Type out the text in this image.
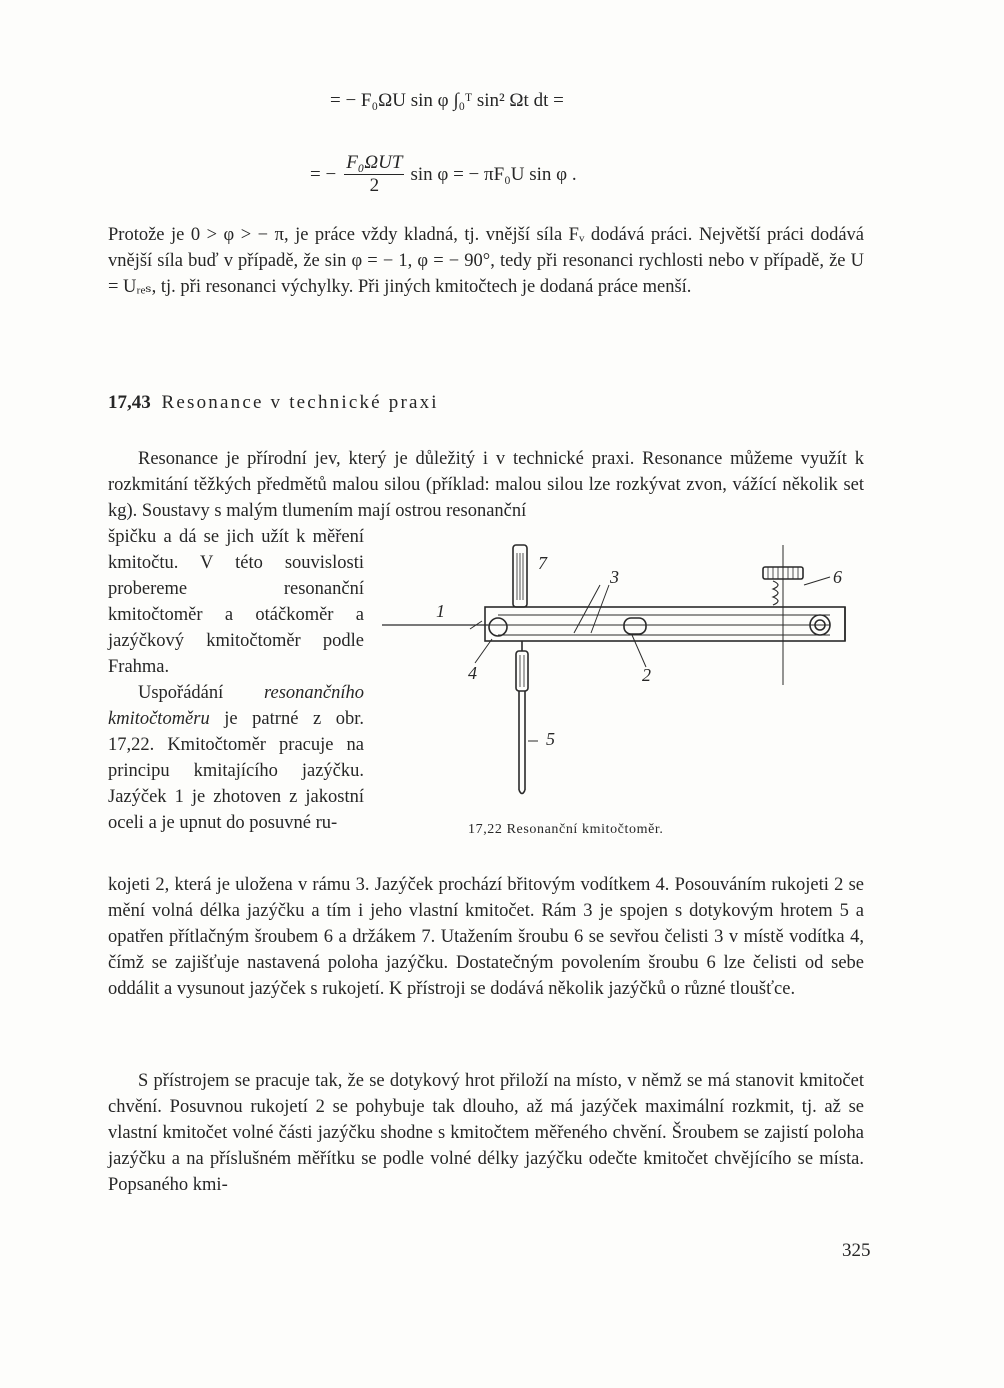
= − F₀ΩU sin φ ∫₀ᵀ sin² Ωt dt =
= −
F₀ΩUT
2
sin φ = − πF₀U sin φ .

Protože je 0 > φ > − π, je práce vždy kladná, tj. vnější síla Fᵥ dodává práci. Největší práci dodává vnější síla buď v případě, že sin φ = − 1, φ = − 90°, tedy při resonanci rychlosti nebo v případě, že U = Uᵣₑₛ, tj. při resonanci výchylky. Při jiných kmitočtech je dodaná práce menší.

17,43 Resonance v technické praxi

Resonance je přírodní jev, který je důležitý i v technické praxi. Resonance můžeme využít k rozkmitání těžkých předmětů malou silou (příklad: malou silou lze rozkývat zvon, vážící několik set kg). Soustavy s malým tlumením mají ostrou resonanční

špičku a dá se jich užít k měření kmitočtu. V této souvislosti probereme resonanční kmitočtoměr a otáčkoměr a jazýčkový kmitočtoměr podle Frahma.

Uspořádání resonančního kmitočtoměru je patrné z obr. 17,22. Kmitočtoměr pracuje na principu kmitajícího jazýčku. Jazýček 1 je zhotoven z jakostní oceli a je upnut do posuvné ru-

7
3	6
1
4	2
5
17,22 Resonanční kmitočtoměr.

kojeti 2, která je uložena v rámu 3. Jazýček prochází břitovým vodítkem 4. Posouváním rukojeti 2 se mění volná délka jazýčku a tím i jeho vlastní kmitočet. Rám 3 je spojen s dotykovým hrotem 5 a opatřen přítlačným šroubem 6 a držákem 7. Utažením šroubu 6 se sevřou čelisti 3 v místě vodítka 4, čímž se zajišťuje nastavená poloha jazýčku. Dostatečným povolením šroubu 6 lze čelisti od sebe oddálit a vysunout jazýček s rukojetí. K přístroji se dodává několik jazýčků o různé tloušťce.

S přístrojem se pracuje tak, že se dotykový hrot přiloží na místo, v němž se má stanovit kmitočet chvění. Posuvnou rukojetí 2 se pohybuje tak dlouho, až má jazýček maximální rozkmit, tj. až se vlastní kmitočet volné části jazýčku shodne s kmitočtem měřeného chvění. Šroubem se zajistí poloha jazýčku a na příslušném měřítku se podle volné délky jazýčku odečte kmitočet chvějícího se místa. Popsaného kmi-

325
